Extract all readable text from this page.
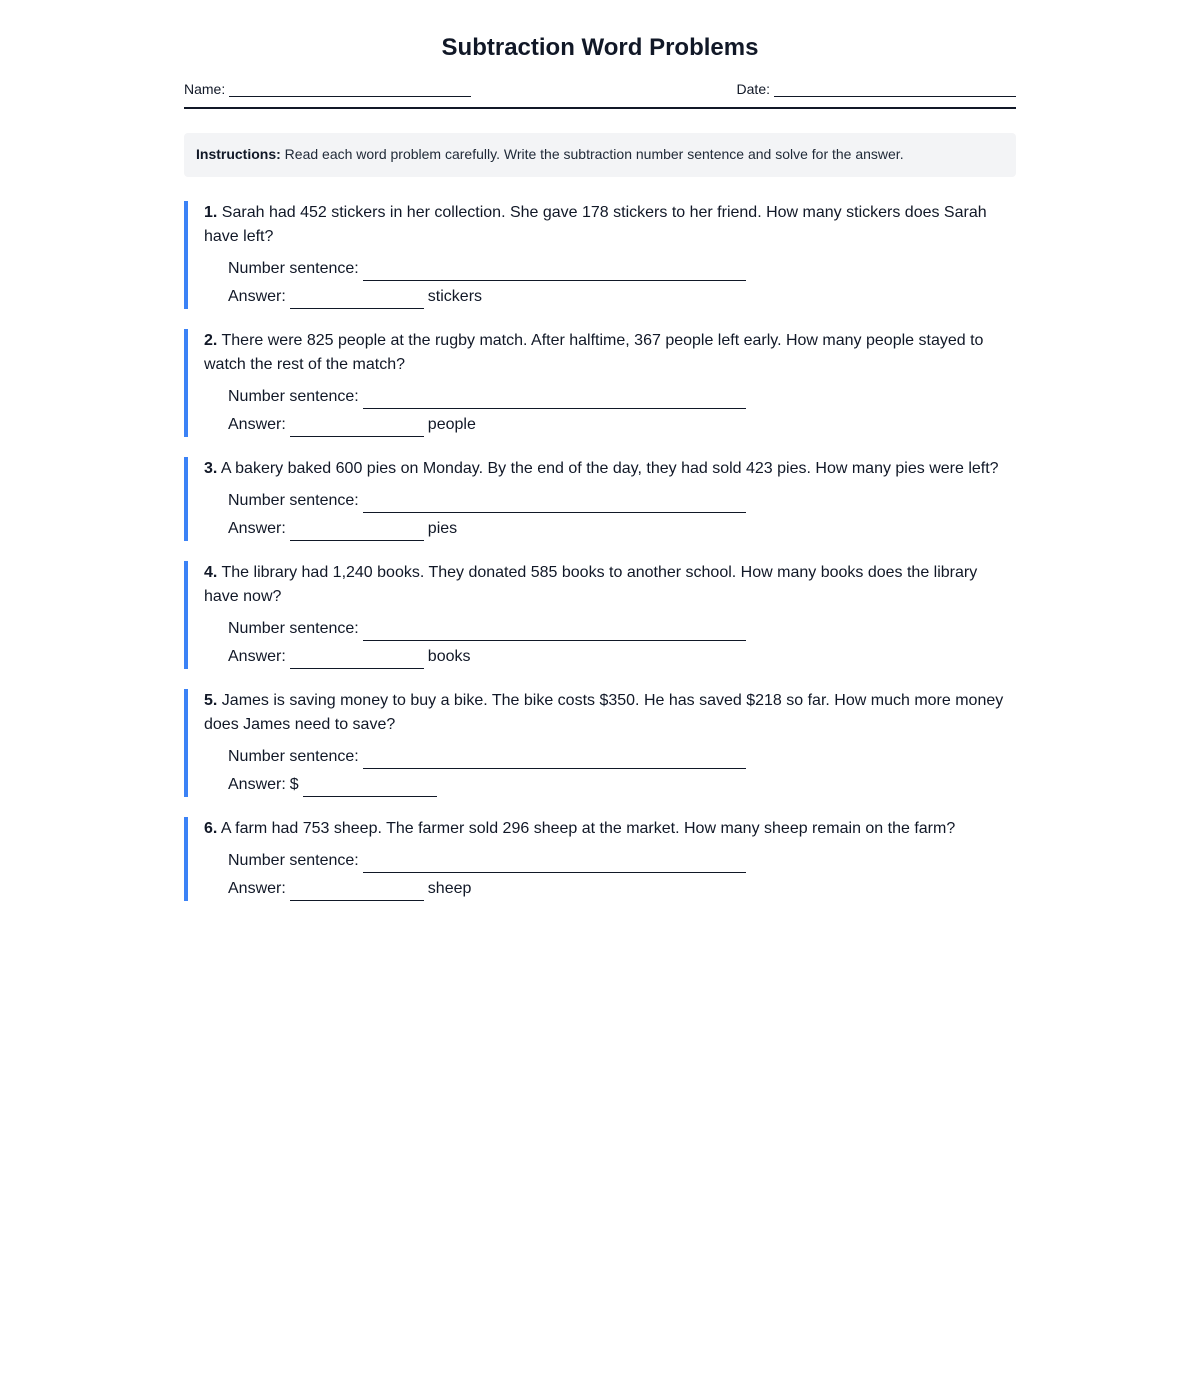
Subtraction Word Problems
Name:	Date:
Instructions: Read each word problem carefully. Write the subtraction number sentence and solve for the answer.

1. Sarah had 452 stickers in her collection. She gave 178 stickers to her friend. How many stickers does Sarah have left?

Number sentence:
Answer:	stickers

2. There were 825 people at the rugby match. After halftime, 367 people left early. How many people stayed to watch the rest of the match?

Number sentence:
Answer:	people

3. A bakery baked 600 pies on Monday. By the end of the day, they had sold 423 pies. How many pies were left?

Number sentence:
Answer:	pies

4. The library had 1,240 books. They donated 585 books to another school. How many books does the library have now?

Number sentence:
Answer:	books

5. James is saving money to buy a bike. The bike costs $350. He has saved $218 so far. How much more money does James need to save?

Number sentence:
Answer: $

6. A farm had 753 sheep. The farmer sold 296 sheep at the market. How many sheep remain on the farm?

Number sentence:
Answer:	sheep
